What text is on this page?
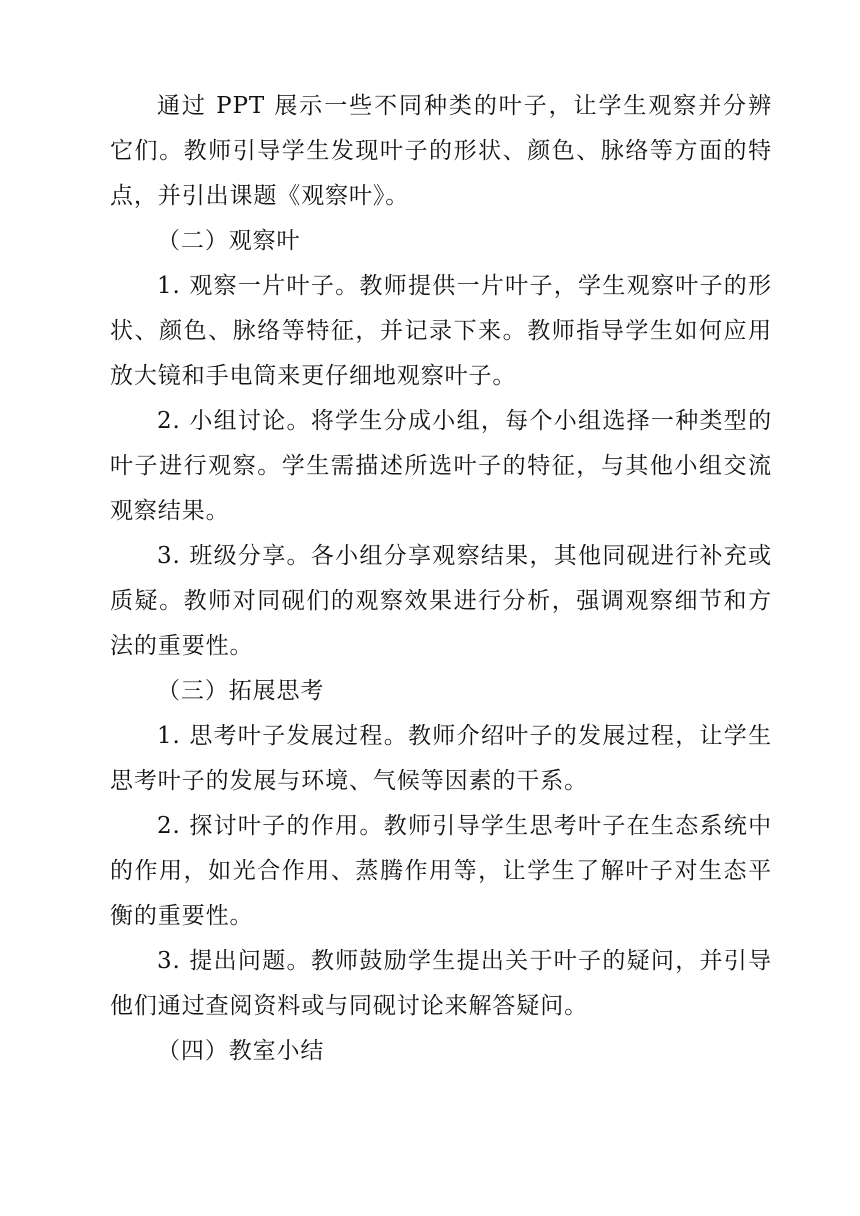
通过 PPT 展示一些不同种类的叶子，让学生观察并分辨它们。教师引导学生发现叶子的形状、颜色、脉络等方面的特点，并引出课题《观察叶》。

（二）观察叶

1. 观察一片叶子。教师提供一片叶子，学生观察叶子的形状、颜色、脉络等特征，并记录下来。教师指导学生如何应用放大镜和手电筒来更仔细地观察叶子。

2. 小组讨论。将学生分成小组，每个小组选择一种类型的叶子进行观察。学生需描述所选叶子的特征，与其他小组交流观察结果。

3. 班级分享。各小组分享观察结果，其他同砚进行补充或质疑。教师对同砚们的观察效果进行分析，强调观察细节和方法的重要性。

（三）拓展思考

1. 思考叶子发展过程。教师介绍叶子的发展过程，让学生思考叶子的发展与环境、气候等因素的干系。

2. 探讨叶子的作用。教师引导学生思考叶子在生态系统中的作用，如光合作用、蒸腾作用等，让学生了解叶子对生态平衡的重要性。

3. 提出问题。教师鼓励学生提出关于叶子的疑问，并引导他们通过查阅资料或与同砚讨论来解答疑问。

（四）教室小结
